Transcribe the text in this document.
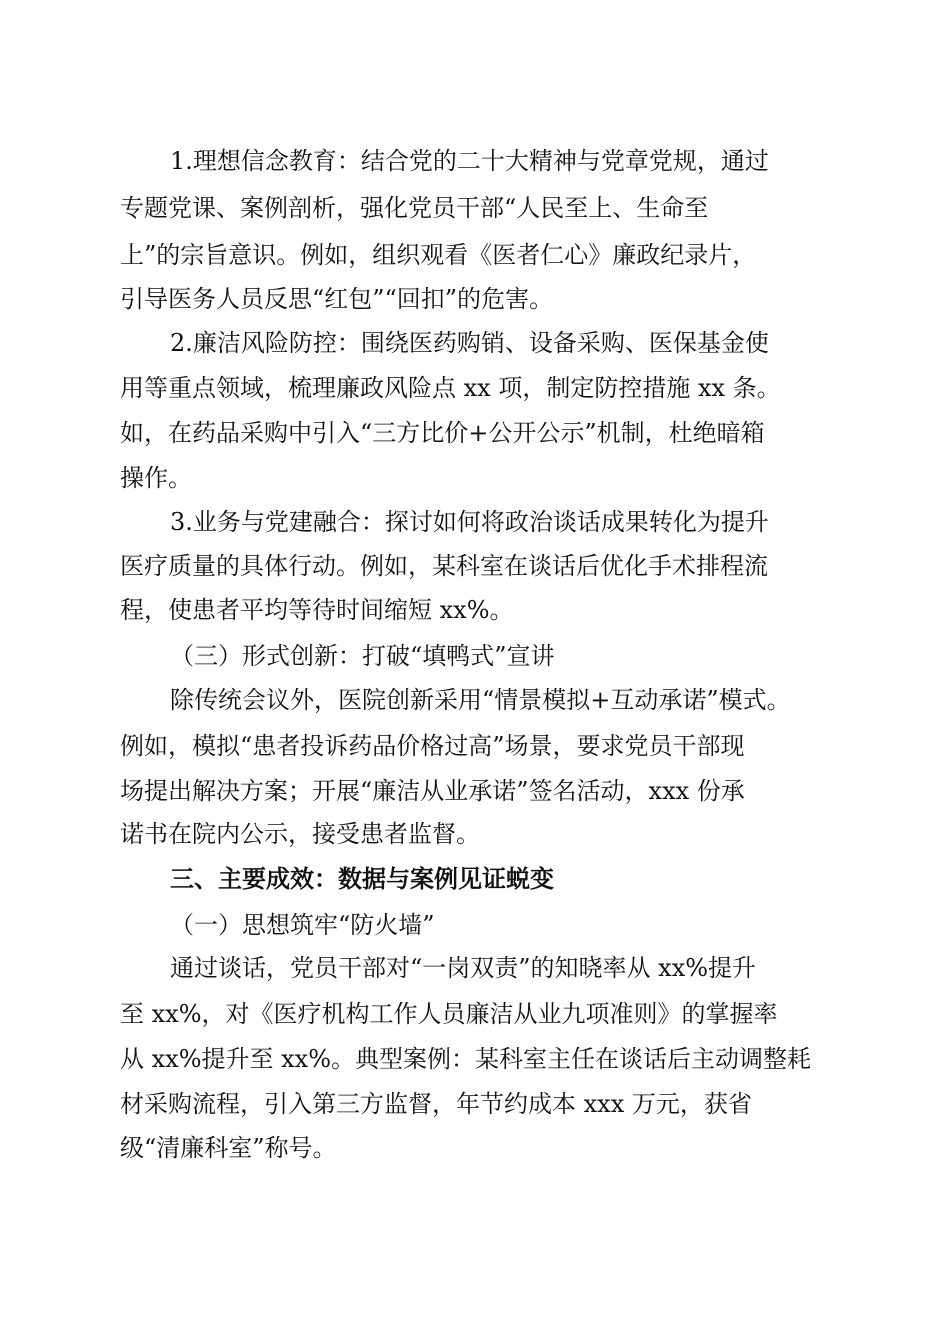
1.理想信念教育：结合党的二十大精神与党章党规，通过
专题党课、案例剖析，强化党员干部“人民至上、生命至
上”的宗旨意识。例如，组织观看《医者仁心》廉政纪录片，
引导医务人员反思“红包”“回扣”的危害。
2.廉洁风险防控：围绕医药购销、设备采购、医保基金使
用等重点领域，梳理廉政风险点 xx 项，制定防控措施 xx 条。
如，在药品采购中引入“三方比价+公开公示”机制，杜绝暗箱
操作。
3.业务与党建融合：探讨如何将政治谈话成果转化为提升
医疗质量的具体行动。例如，某科室在谈话后优化手术排程流
程，使患者平均等待时间缩短 xx%。
（三）形式创新：打破“填鸭式”宣讲
除传统会议外，医院创新采用“情景模拟+互动承诺”模式。
例如，模拟“患者投诉药品价格过高”场景，要求党员干部现
场提出解决方案；开展“廉洁从业承诺”签名活动，xxx 份承
诺书在院内公示，接受患者监督。
三、主要成效：数据与案例见证蜕变
（一）思想筑牢“防火墙”
通过谈话，党员干部对“一岗双责”的知晓率从 xx%提升
至 xx%，对《医疗机构工作人员廉洁从业九项准则》的掌握率
从 xx%提升至 xx%。典型案例：某科室主任在谈话后主动调整耗
材采购流程，引入第三方监督，年节约成本 xxx 万元，获省
级“清廉科室”称号。
